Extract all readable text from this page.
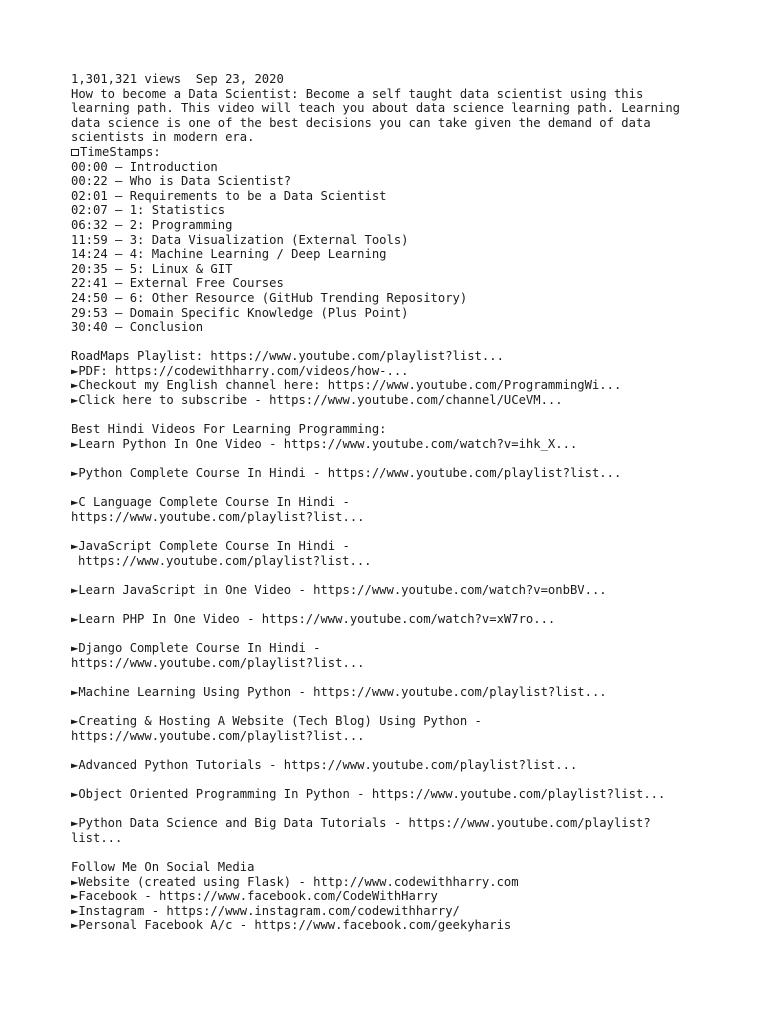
1,301,321 views Sep 23, 2020
How to become a Data Scientist: Become a self taught data scientist using this
learning path. This video will teach you about data science learning path. Learning
data science is one of the best decisions you can take given the demand of data
scientists in modern era.
TimeStamps:
00:00 – Introduction
00:22 – Who is Data Scientist?
02:01 – Requirements to be a Data Scientist
02:07 – 1: Statistics
06:32 – 2: Programming
11:59 – 3: Data Visualization (External Tools)
14:24 – 4: Machine Learning / Deep Learning
20:35 – 5: Linux & GIT
22:41 – External Free Courses
24:50 – 6: Other Resource (GitHub Trending Repository)
29:53 – Domain Specific Knowledge (Plus Point)
30:40 – Conclusion
RoadMaps Playlist: https://www.youtube.com/playlist?list...
►PDF: https://codewithharry.com/videos/how-...
►Checkout my English channel here: https://www.youtube.com/ProgrammingWi...
►Click here to subscribe - https://www.youtube.com/channel/UCeVM...
Best Hindi Videos For Learning Programming:
►Learn Python In One Video - https://www.youtube.com/watch?v=ihk_X...
►Python Complete Course In Hindi - https://www.youtube.com/playlist?list...
►C Language Complete Course In Hindi -
https://www.youtube.com/playlist?list...
►JavaScript Complete Course In Hindi -
https://www.youtube.com/playlist?list...
►Learn JavaScript in One Video - https://www.youtube.com/watch?v=onbBV...
►Learn PHP In One Video - https://www.youtube.com/watch?v=xW7ro...
►Django Complete Course In Hindi -
https://www.youtube.com/playlist?list...
►Machine Learning Using Python - https://www.youtube.com/playlist?list...
►Creating & Hosting A Website (Tech Blog) Using Python -
https://www.youtube.com/playlist?list...
►Advanced Python Tutorials - https://www.youtube.com/playlist?list...
►Object Oriented Programming In Python - https://www.youtube.com/playlist?list...
►Python Data Science and Big Data Tutorials - https://www.youtube.com/playlist?
list...
Follow Me On Social Media
►Website (created using Flask) - http://www.codewithharry.com
►Facebook - https://www.facebook.com/CodeWithHarry
►Instagram - https://www.instagram.com/codewithharry/
►Personal Facebook A/c - https://www.facebook.com/geekyharis
